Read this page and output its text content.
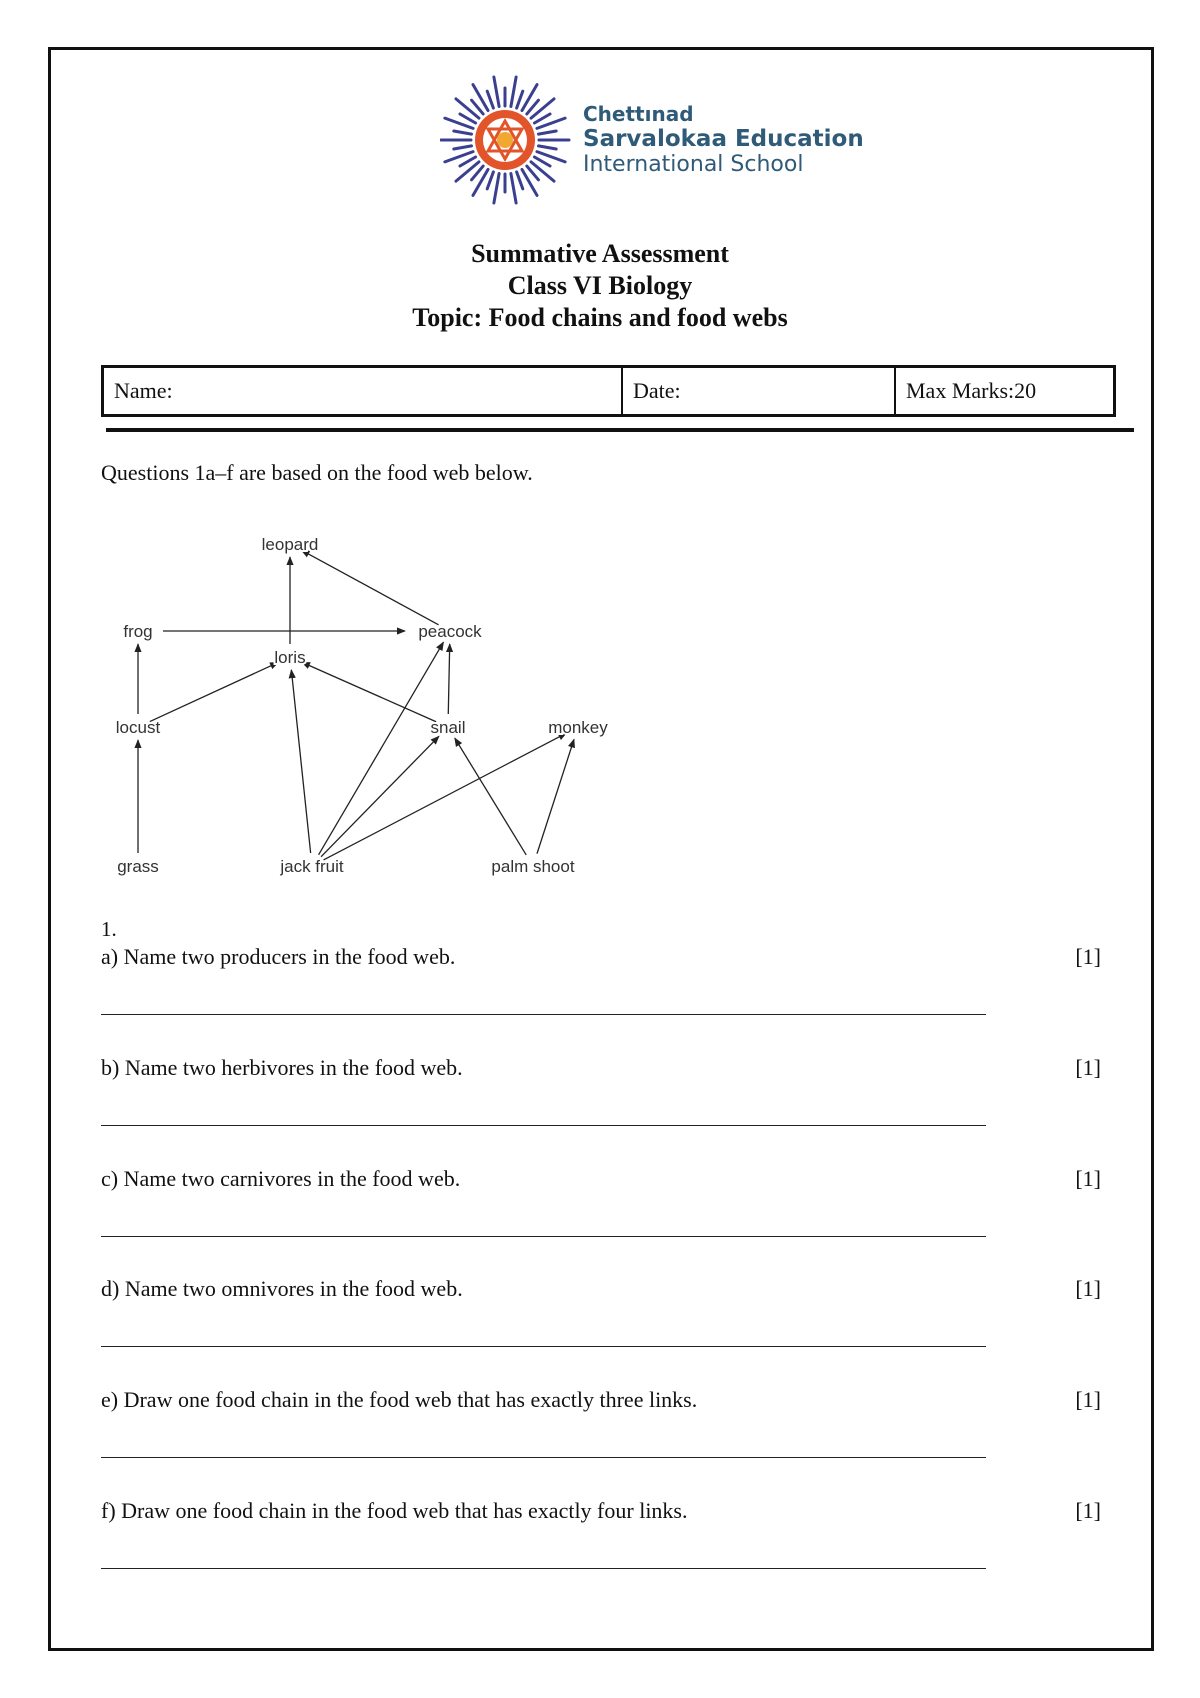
Chettınad
Sarvalokaa Education
International School
Summative Assessment
Class VI Biology
Topic: Food chains and food webs
Name:	Date:	Max Marks:20
Questions 1a–f are based on the food web below.
leopard
frog	peacock
loris
locust	snail	monkey
grass	jack fruit	palm shoot
1.
a) Name two producers in the food web.	[1]
b) Name two herbivores in the food web.	[1]
c) Name two carnivores in the food web.	[1]
d) Name two omnivores in the food web.	[1]
e) Draw one food chain in the food web that has exactly three links.	[1]
f) Draw one food chain in the food web that has exactly four links.	[1]
